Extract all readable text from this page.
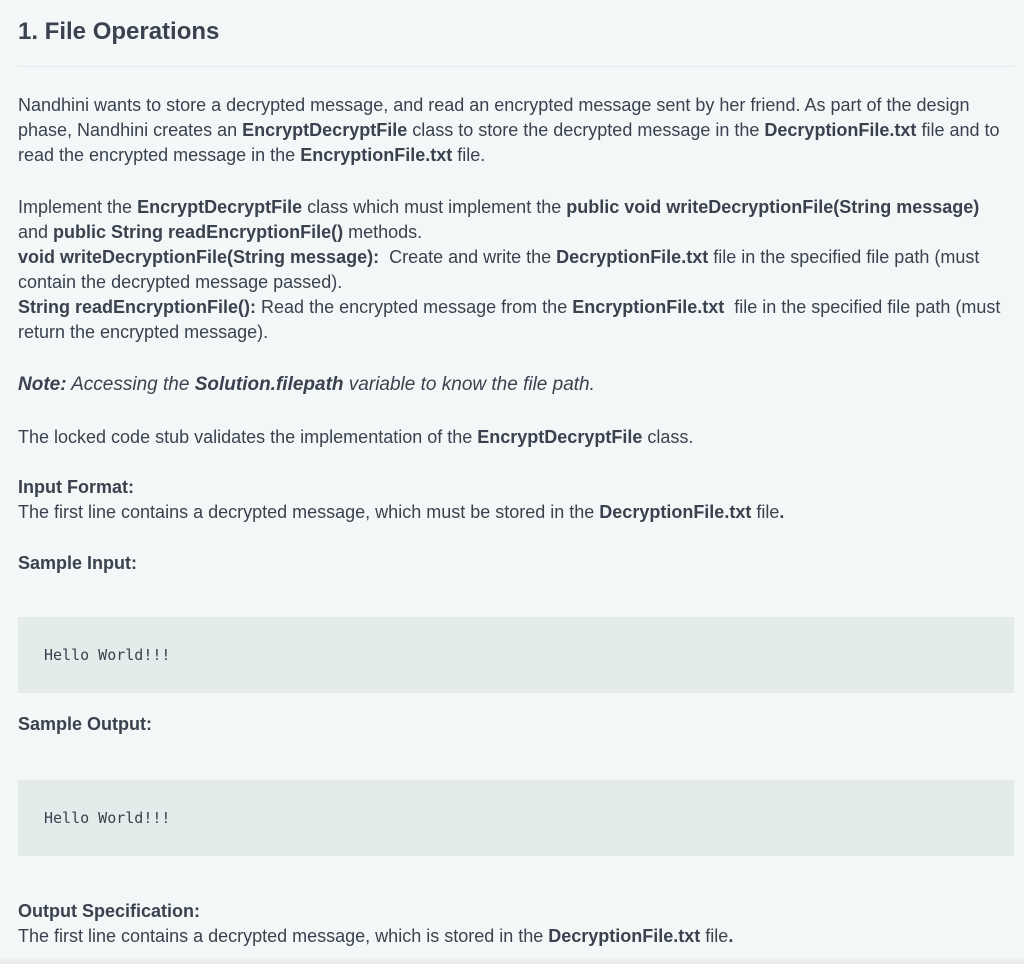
1. File Operations

Nandhini wants to store a decrypted message, and read an encrypted message sent by her friend. As part of the design phase, Nandhini creates an EncryptDecryptFile class to store the decrypted message in the DecryptionFile.txt file and to read the encrypted message in the EncryptionFile.txt file.

Implement the EncryptDecryptFile class which must implement the public void writeDecryptionFile(String message) and public String readEncryptionFile() methods.
void writeDecryptionFile(String message):  Create and write the DecryptionFile.txt file in the specified file path (must contain the decrypted message passed).
String readEncryptionFile(): Read the encrypted message from the EncryptionFile.txt  file in the specified file path (must return the encrypted message).

Note: Accessing the Solution.filepath variable to know the file path.

The locked code stub validates the implementation of the EncryptDecryptFile class.

Input Format:

The first line contains a decrypted message, which must be stored in the DecryptionFile.txt file.

Sample Input:
Hello World!!!
Sample Output:
Hello World!!!
Output Specification:

The first line contains a decrypted message, which is stored in the DecryptionFile.txt file.
